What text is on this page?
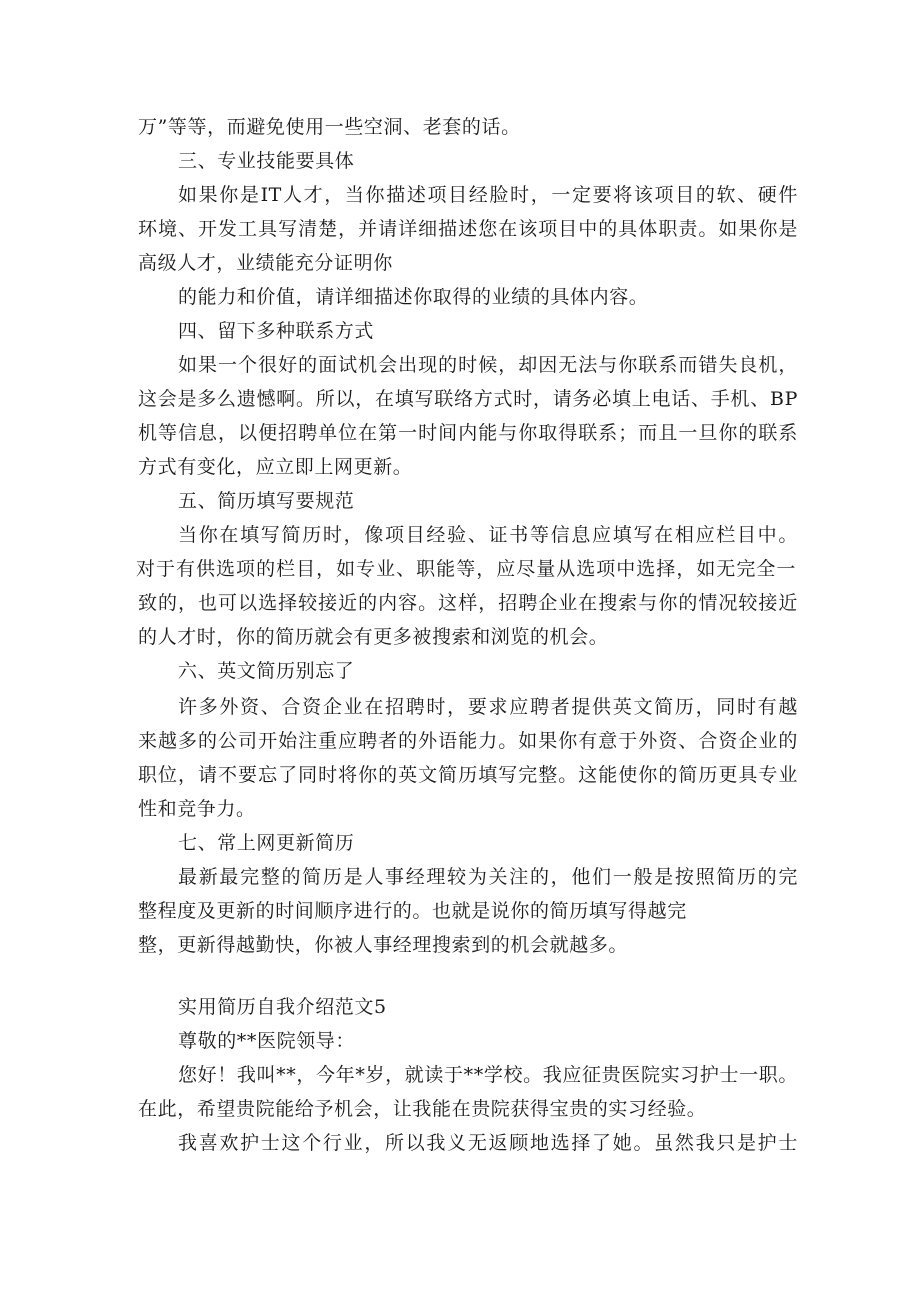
万”等等，而避免使用一些空洞、老套的话。
三、专业技能要具体
如果你是IT人才，当你描述项目经脸时，一定要将该项目的软、硬件
环境、开发工具写清楚，并请详细描述您在该项目中的具体职责。如果你是
高级人才，业绩能充分证明你
的能力和价值，请详细描述你取得的业绩的具体内容。
四、留下多种联系方式
如果一个很好的面试机会出现的时候，却因无法与你联系而错失良机，
这会是多么遗憾啊。所以，在填写联络方式时，请务必填上电话、手机、BP
机等信息，以便招聘单位在第一时间内能与你取得联系；而且一旦你的联系
方式有变化，应立即上网更新。
五、简历填写要规范
当你在填写简历时，像项目经验、证书等信息应填写在相应栏目中。
对于有供选项的栏目，如专业、职能等，应尽量从选项中选择，如无完全一
致的，也可以选择较接近的内容。这样，招聘企业在搜索与你的情况较接近
的人才时，你的简历就会有更多被搜索和浏览的机会。
六、英文简历别忘了
许多外资、合资企业在招聘时，要求应聘者提供英文简历，同时有越
来越多的公司开始注重应聘者的外语能力。如果你有意于外资、合资企业的
职位，请不要忘了同时将你的英文简历填写完整。这能使你的简历更具专业
性和竞争力。
七、常上网更新简历
最新最完整的简历是人事经理较为关注的，他们一般是按照简历的完
整程度及更新的时间顺序进行的。也就是说你的简历填写得越完
整，更新得越勤快，你被人事经理搜索到的机会就越多。
实用简历自我介绍范文5
尊敬的**医院领导：
您好！我叫**，今年*岁，就读于**学校。我应征贵医院实习护士一职。
在此，希望贵院能给予机会，让我能在贵院获得宝贵的实习经验。
我喜欢护士这个行业，所以我义无返顾地选择了她。虽然我只是护士
